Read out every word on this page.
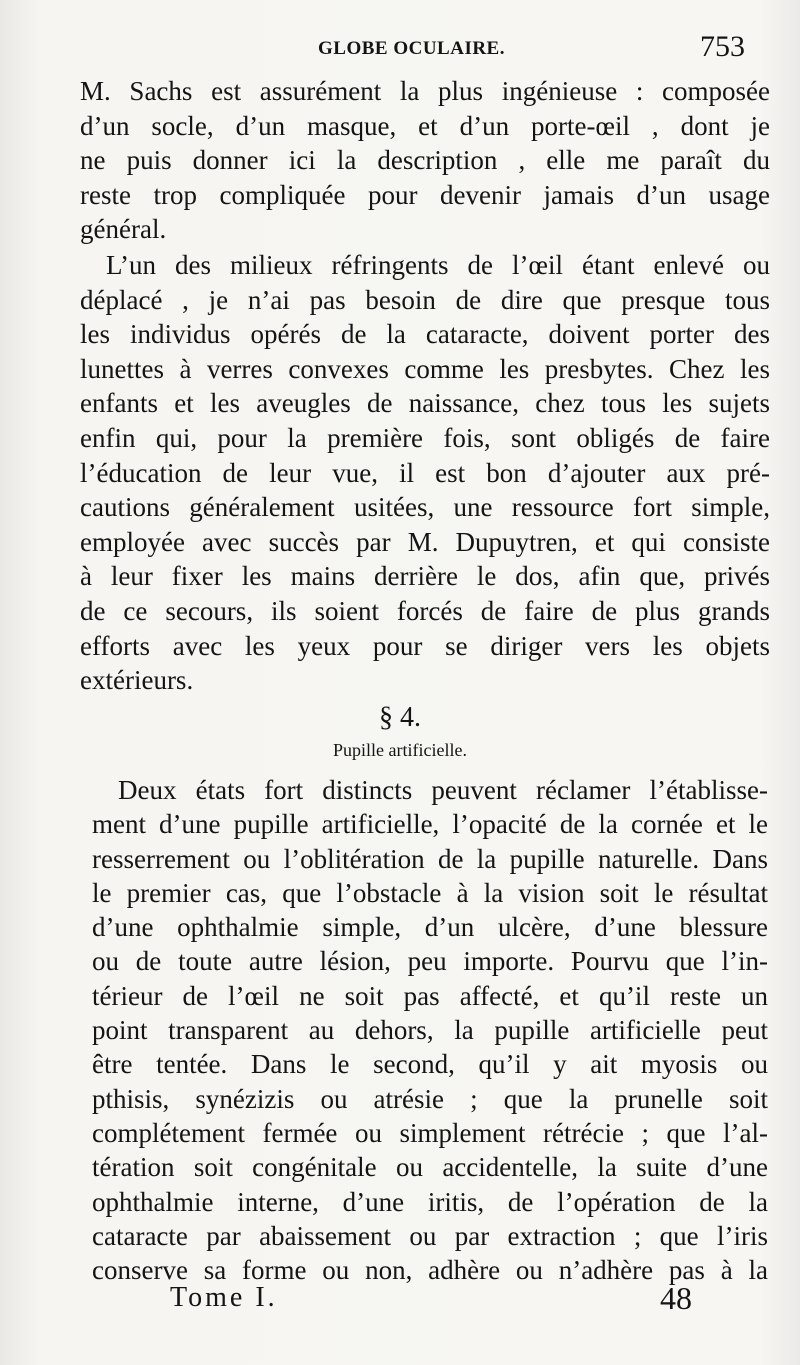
GLOBE OCULAIRE.	753
M. Sachs est assurément la plus ingénieuse : composée
d’un socle, d’un masque, et d’un porte-œil , dont je
ne puis donner ici la description , elle me paraît du
reste trop compliquée pour devenir jamais d’un usage
général.
L’un des milieux réfringents de l’œil étant enlevé ou
déplacé , je n’ai pas besoin de dire que presque tous
les individus opérés de la cataracte, doivent porter des
lunettes à verres convexes comme les presbytes. Chez les
enfants et les aveugles de naissance, chez tous les sujets
enfin qui, pour la première fois, sont obligés de faire
l’éducation de leur vue, il est bon d’ajouter aux pré-
cautions généralement usitées, une ressource fort simple,
employée avec succès par M. Dupuytren, et qui consiste
à leur fixer les mains derrière le dos, afin que, privés
de ce secours, ils soient forcés de faire de plus grands
efforts avec les yeux pour se diriger vers les objets
extérieurs.
§ 4.
Pupille artificielle.
Deux états fort distincts peuvent réclamer l’établisse-
ment d’une pupille artificielle, l’opacité de la cornée et le
resserrement ou l’oblitération de la pupille naturelle. Dans
le premier cas, que l’obstacle à la vision soit le résultat
d’une ophthalmie simple, d’un ulcère, d’une blessure
ou de toute autre lésion, peu importe. Pourvu que l’in-
térieur de l’œil ne soit pas affecté, et qu’il reste un
point transparent au dehors, la pupille artificielle peut
être tentée. Dans le second, qu’il y ait myosis ou
pthisis, synézizis ou atrésie ; que la prunelle soit
complétement fermée ou simplement rétrécie ; que l’al-
tération soit congénitale ou accidentelle, la suite d’une
ophthalmie interne, d’une iritis, de l’opération de la
cataracte par abaissement ou par extraction ; que l’iris
conserve sa forme ou non, adhère ou n’adhère pas à la
Tome I.	48
